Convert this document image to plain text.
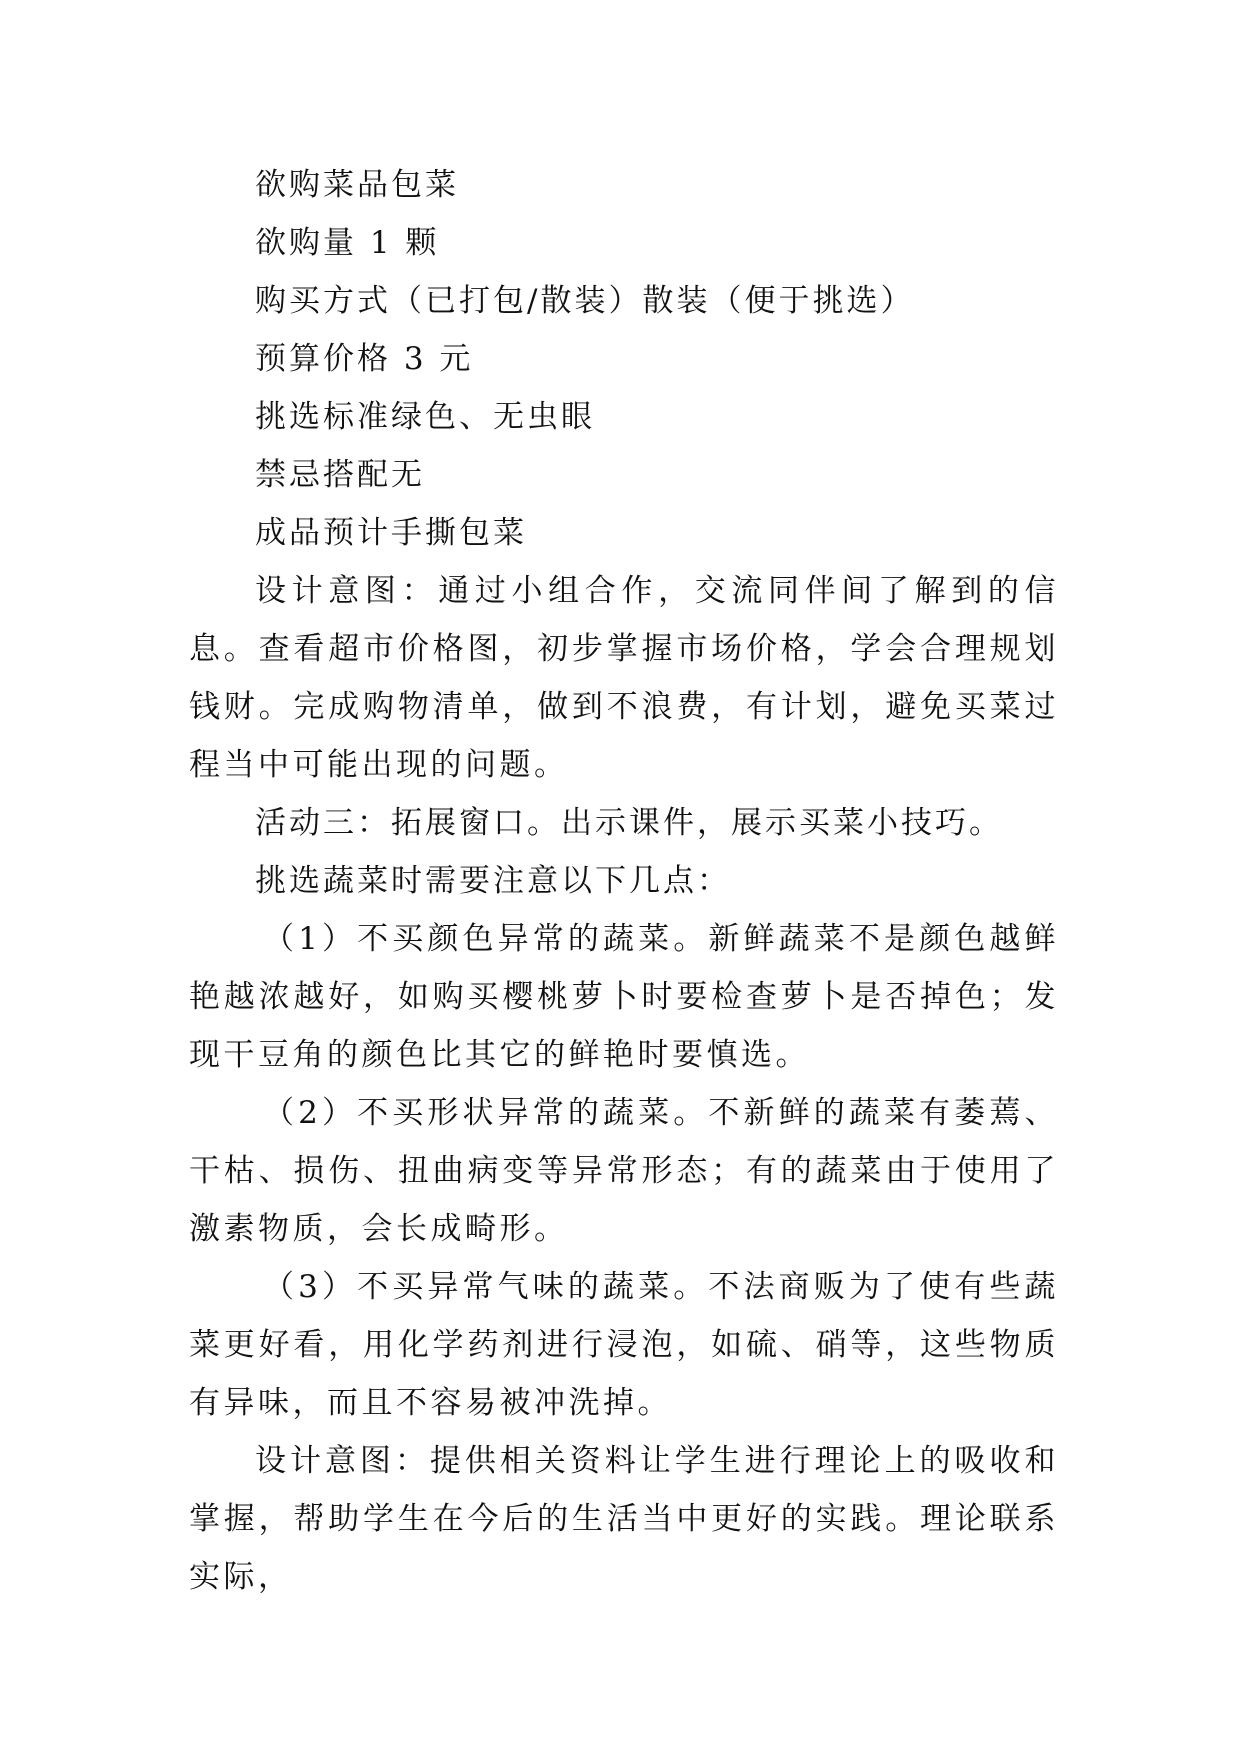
欲购菜品包菜

欲购量 1 颗

购买方式（已打包/散装）散装（便于挑选）

预算价格 3 元

挑选标准绿色、无虫眼

禁忌搭配无

成品预计手撕包菜

设计意图：通过小组合作，交流同伴间了解到的信息。查看超市价格图，初步掌握市场价格，学会合理规划钱财。完成购物清单，做到不浪费，有计划，避免买菜过程当中可能出现的问题。

活动三：拓展窗口。出示课件，展示买菜小技巧。

挑选蔬菜时需要注意以下几点：

（1）不买颜色异常的蔬菜。新鲜蔬菜不是颜色越鲜艳越浓越好，如购买樱桃萝卜时要检查萝卜是否掉色；发现干豆角的颜色比其它的鲜艳时要慎选。

（2）不买形状异常的蔬菜。不新鲜的蔬菜有萎蔫、干枯、损伤、扭曲病变等异常形态；有的蔬菜由于使用了激素物质，会长成畸形。

（3）不买异常气味的蔬菜。不法商贩为了使有些蔬菜更好看，用化学药剂进行浸泡，如硫、硝等，这些物质有异味，而且不容易被冲洗掉。

设计意图：提供相关资料让学生进行理论上的吸收和掌握，帮助学生在今后的生活当中更好的实践。理论联系实际，
